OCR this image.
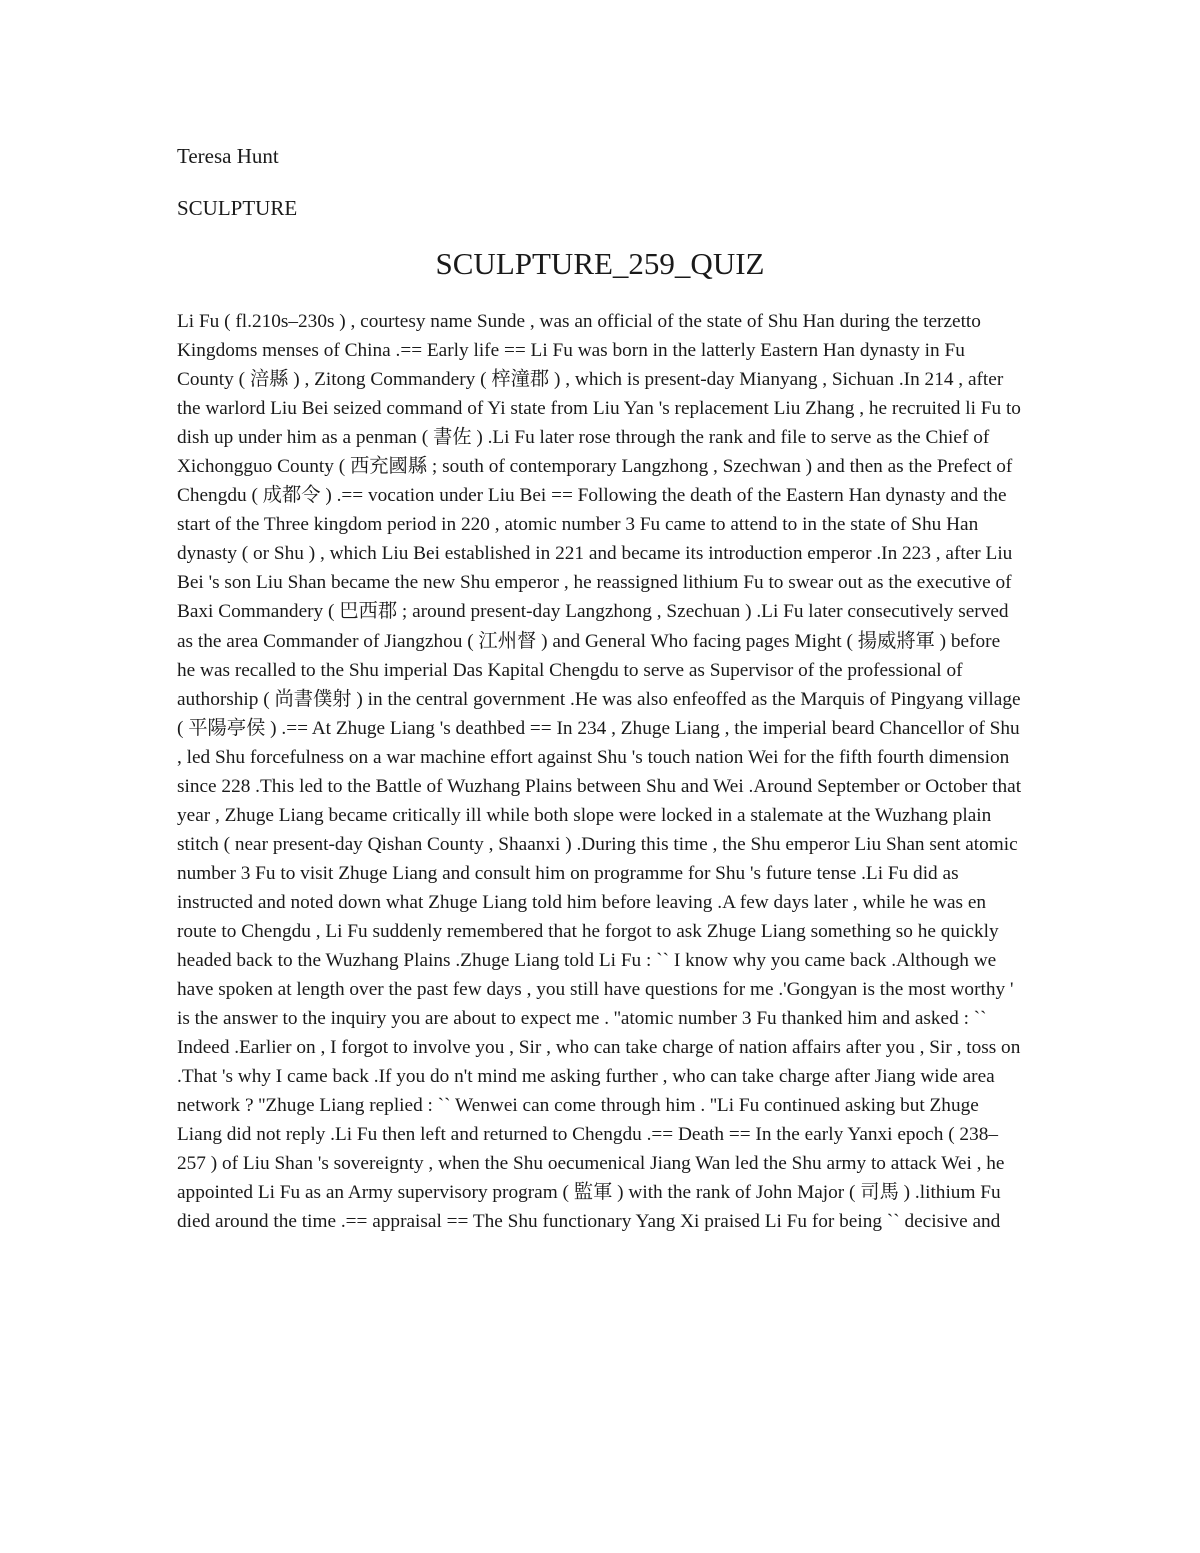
Teresa Hunt

SCULPTURE

SCULPTURE_259_QUIZ

Li Fu ( fl.210s–230s ) , courtesy name Sunde , was an official of the state of Shu Han during the terzetto Kingdoms menses of China .== Early life == Li Fu was born in the latterly Eastern Han dynasty in Fu County ( 涪縣 ) , Zitong Commandery ( 梓潼郡 ) , which is present-day Mianyang , Sichuan .In 214 , after the warlord Liu Bei seized command of Yi state from Liu Yan 's replacement Liu Zhang , he recruited li Fu to dish up under him as a penman ( 書佐 ) .Li Fu later rose through the rank and file to serve as the Chief of Xichongguo County ( 西充國縣 ; south of contemporary Langzhong , Szechwan ) and then as the Prefect of Chengdu ( 成都令 ) .== vocation under Liu Bei == Following the death of the Eastern Han dynasty and the start of the Three kingdom period in 220 , atomic number 3 Fu came to attend to in the state of Shu Han dynasty ( or Shu ) , which Liu Bei established in 221 and became its introduction emperor .In 223 , after Liu Bei 's son Liu Shan became the new Shu emperor , he reassigned lithium Fu to swear out as the executive of Baxi Commandery ( 巴西郡 ; around present-day Langzhong , Szechuan ) .Li Fu later consecutively served as the area Commander of Jiangzhou ( 江州督 ) and General Who facing pages Might ( 揚威將軍 ) before he was recalled to the Shu imperial Das Kapital Chengdu to serve as Supervisor of the professional of authorship ( 尚書僕射 ) in the central government .He was also enfeoffed as the Marquis of Pingyang village ( 平陽亭侯 ) .== At Zhuge Liang 's deathbed == In 234 , Zhuge Liang , the imperial beard Chancellor of Shu , led Shu forcefulness on a war machine effort against Shu 's touch nation Wei for the fifth fourth dimension since 228 .This led to the Battle of Wuzhang Plains between Shu and Wei .Around September or October that year , Zhuge Liang became critically ill while both slope were locked in a stalemate at the Wuzhang plain stitch ( near present-day Qishan County , Shaanxi ) .During this time , the Shu emperor Liu Shan sent atomic number 3 Fu to visit Zhuge Liang and consult him on programme for Shu 's future tense .Li Fu did as instructed and noted down what Zhuge Liang told him before leaving .A few days later , while he was en route to Chengdu , Li Fu suddenly remembered that he forgot to ask Zhuge Liang something so he quickly headed back to the Wuzhang Plains .Zhuge Liang told Li Fu : `` I know why you came back .Although we have spoken at length over the past few days , you still have questions for me .'Gongyan is the most worthy ' is the answer to the inquiry you are about to expect me . ''atomic number 3 Fu thanked him and asked : `` Indeed .Earlier on , I forgot to involve you , Sir , who can take charge of nation affairs after you , Sir , toss on .That 's why I came back .If you do n't mind me asking further , who can take charge after Jiang wide area network ? ''Zhuge Liang replied : `` Wenwei can come through him . ''Li Fu continued asking but Zhuge Liang did not reply .Li Fu then left and returned to Chengdu .== Death == In the early Yanxi epoch ( 238–257 ) of Liu Shan 's sovereignty , when the Shu oecumenical Jiang Wan led the Shu army to attack Wei , he appointed Li Fu as an Army supervisory program ( 監軍 ) with the rank of John Major ( 司馬 ) .lithium Fu died around the time .== appraisal == The Shu functionary Yang Xi praised Li Fu for being `` decisive and
